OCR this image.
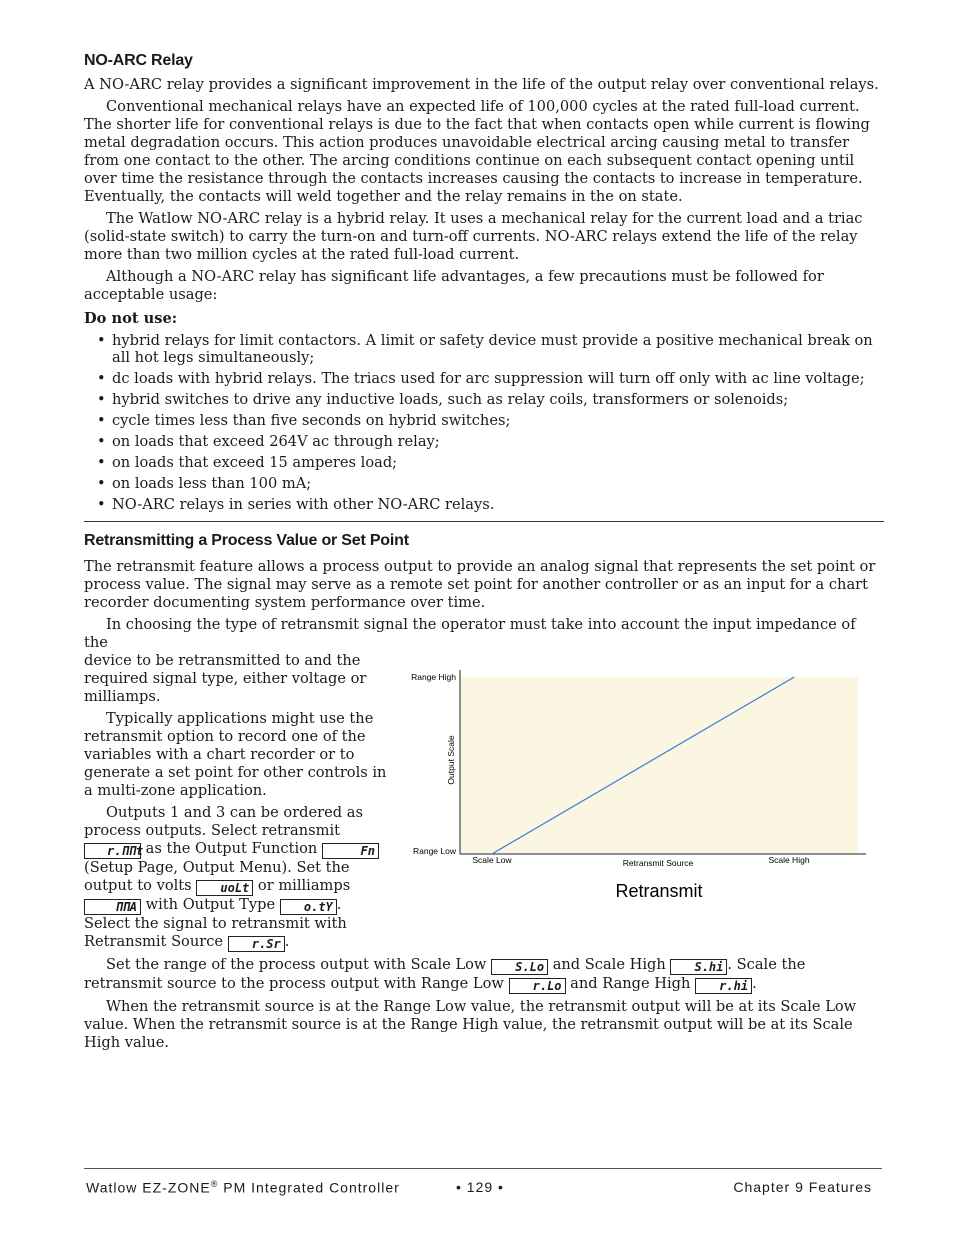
NO-ARC Relay

A NO-ARC relay provides a significant improvement in the life of the output relay over conventional relays.

Conventional mechanical relays have an expected life of 100,000 cycles at the rated full-load current. The shorter life for conventional relays is due to the fact that when contacts open while current is flowing metal degradation occurs. This action produces unavoidable electrical arcing causing metal to transfer from one contact to the other. The arcing conditions continue on each subsequent contact opening until over time the resistance through the contacts increases causing the contacts to increase in temperature. Eventually, the contacts will weld together and the relay remains in the on state.

The Watlow NO-ARC relay is a hybrid relay. It uses a mechanical relay for the current load and a triac (solid-state switch) to carry the turn-on and turn-off currents. NO-ARC relays extend the life of the relay more than two million cycles at the rated full-load current.

Although a NO-ARC relay has significant life advantages, a few precautions must be followed for acceptable usage:

Do not use:

• hybrid relays for limit contactors. A limit or safety device must provide a positive mechanical break on all hot legs simultaneously;
• dc loads with hybrid relays. The triacs used for arc suppression will turn off only with ac line voltage;
• hybrid switches to drive any inductive loads, such as relay coils, transformers or solenoids;
• cycle times less than five seconds on hybrid switches;
• on loads that exceed 264V ac through relay;
• on loads that exceed 15 amperes load;
• on loads less than 100 mA;
• NO-ARC relays in series with other NO-ARC relays.
Retransmitting a Process Value or Set Point

The retransmit feature allows a process output to provide an analog signal that represents the set point or process value. The signal may serve as a remote set point for another controller or as an input for a chart recorder documenting system performance over time.

In choosing the type of retransmit signal the operator must take into account the input impedance of the

device to be retransmitted to and the required signal type, either voltage or milliamps.

Typically applications might use the retransmit option to record one of the variables with a chart recorder or to generate a set point for other controls in a multi-zone application.

Outputs 1 and 3 can be ordered as process outputs. Select retransmit r.ΠΠt as the Output Function	Fn (Setup Page, Output Menu). Set the output to volts uoLt or milliamps ΠΠA with Output Type o.tY . Select the signal to retransmit with Retransmit Source r.Sr .

Set the range of the process output with Scale Low S.Lo and Scale High S.hi . Scale the retransmit source to the process output with Range Low r.Lo and Range High r.hi .

When the retransmit source is at the Range Low value, the retransmit output will be at its Scale Low value. When the retransmit source is at the Range High value, the retransmit output will be at its Scale High value.

Range High
Range Low
Output Scale
Scale Low	Scale High
Retransmit Source
Retransmit
Watlow EZ-ZONE® PM Integrated Controller	• 129 •	Chapter 9 Features
